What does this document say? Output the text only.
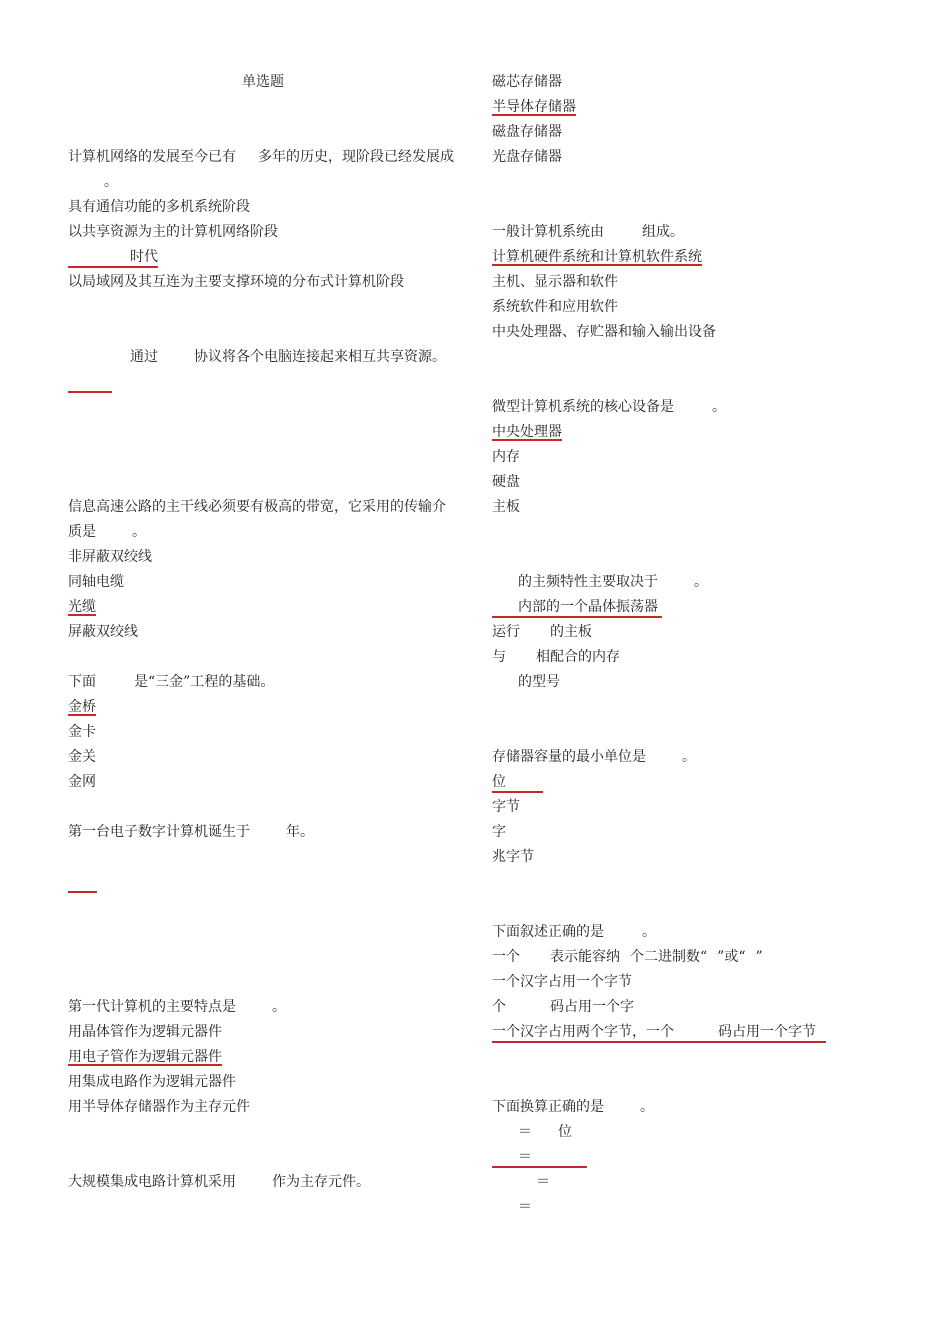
单选题
计算机网络的发展至今已有 多年的历史，现阶段已经发展成
。
具有通信功能的多机系统阶段
以共享资源为主的计算机网络阶段
时代
以局域网及其互连为主要支撑环境的分布式计算机阶段
通过	协议将各个电脑连接起来相互共享资源。
信息高速公路的主干线必须要有极高的带宽，它采用的传输介
质是	。
非屏蔽双绞线
同轴电缆
光缆
屏蔽双绞线
下面	是“三金”工程的基础。
金桥
金卡
金关
金网
第一台电子数字计算机诞生于	年。
第一代计算机的主要特点是	。
用晶体管作为逻辑元器件
用电子管作为逻辑元器件
用集成电路作为逻辑元器件
用半导体存储器作为主存元件
大规模集成电路计算机采用	作为主存元件。
磁芯存储器
半导体存储器
磁盘存储器
光盘存储器
一般计算机系统由	组成。
计算机硬件系统和计算机软件系统
主机、显示器和软件
系统软件和应用软件
中央处理器、存贮器和输入输出设备
微型计算机系统的核心设备是	。
中央处理器
内存
硬盘
主板
的主频特性主要取决于	。
内部的一个晶体振荡器
运行 的主板
与 相配合的内存
的型号
存储器容量的最小单位是	。
位
字节
字
兆字节
下面叙述正确的是	。
一个 表示能容纳 个二进制数“ ”或“ ”
一个汉字占用一个字节
个	码占用一个字
一个汉字占用两个字节，一个	码占用一个字节
下面换算正确的是	。
＝ 位
＝
＝
＝
